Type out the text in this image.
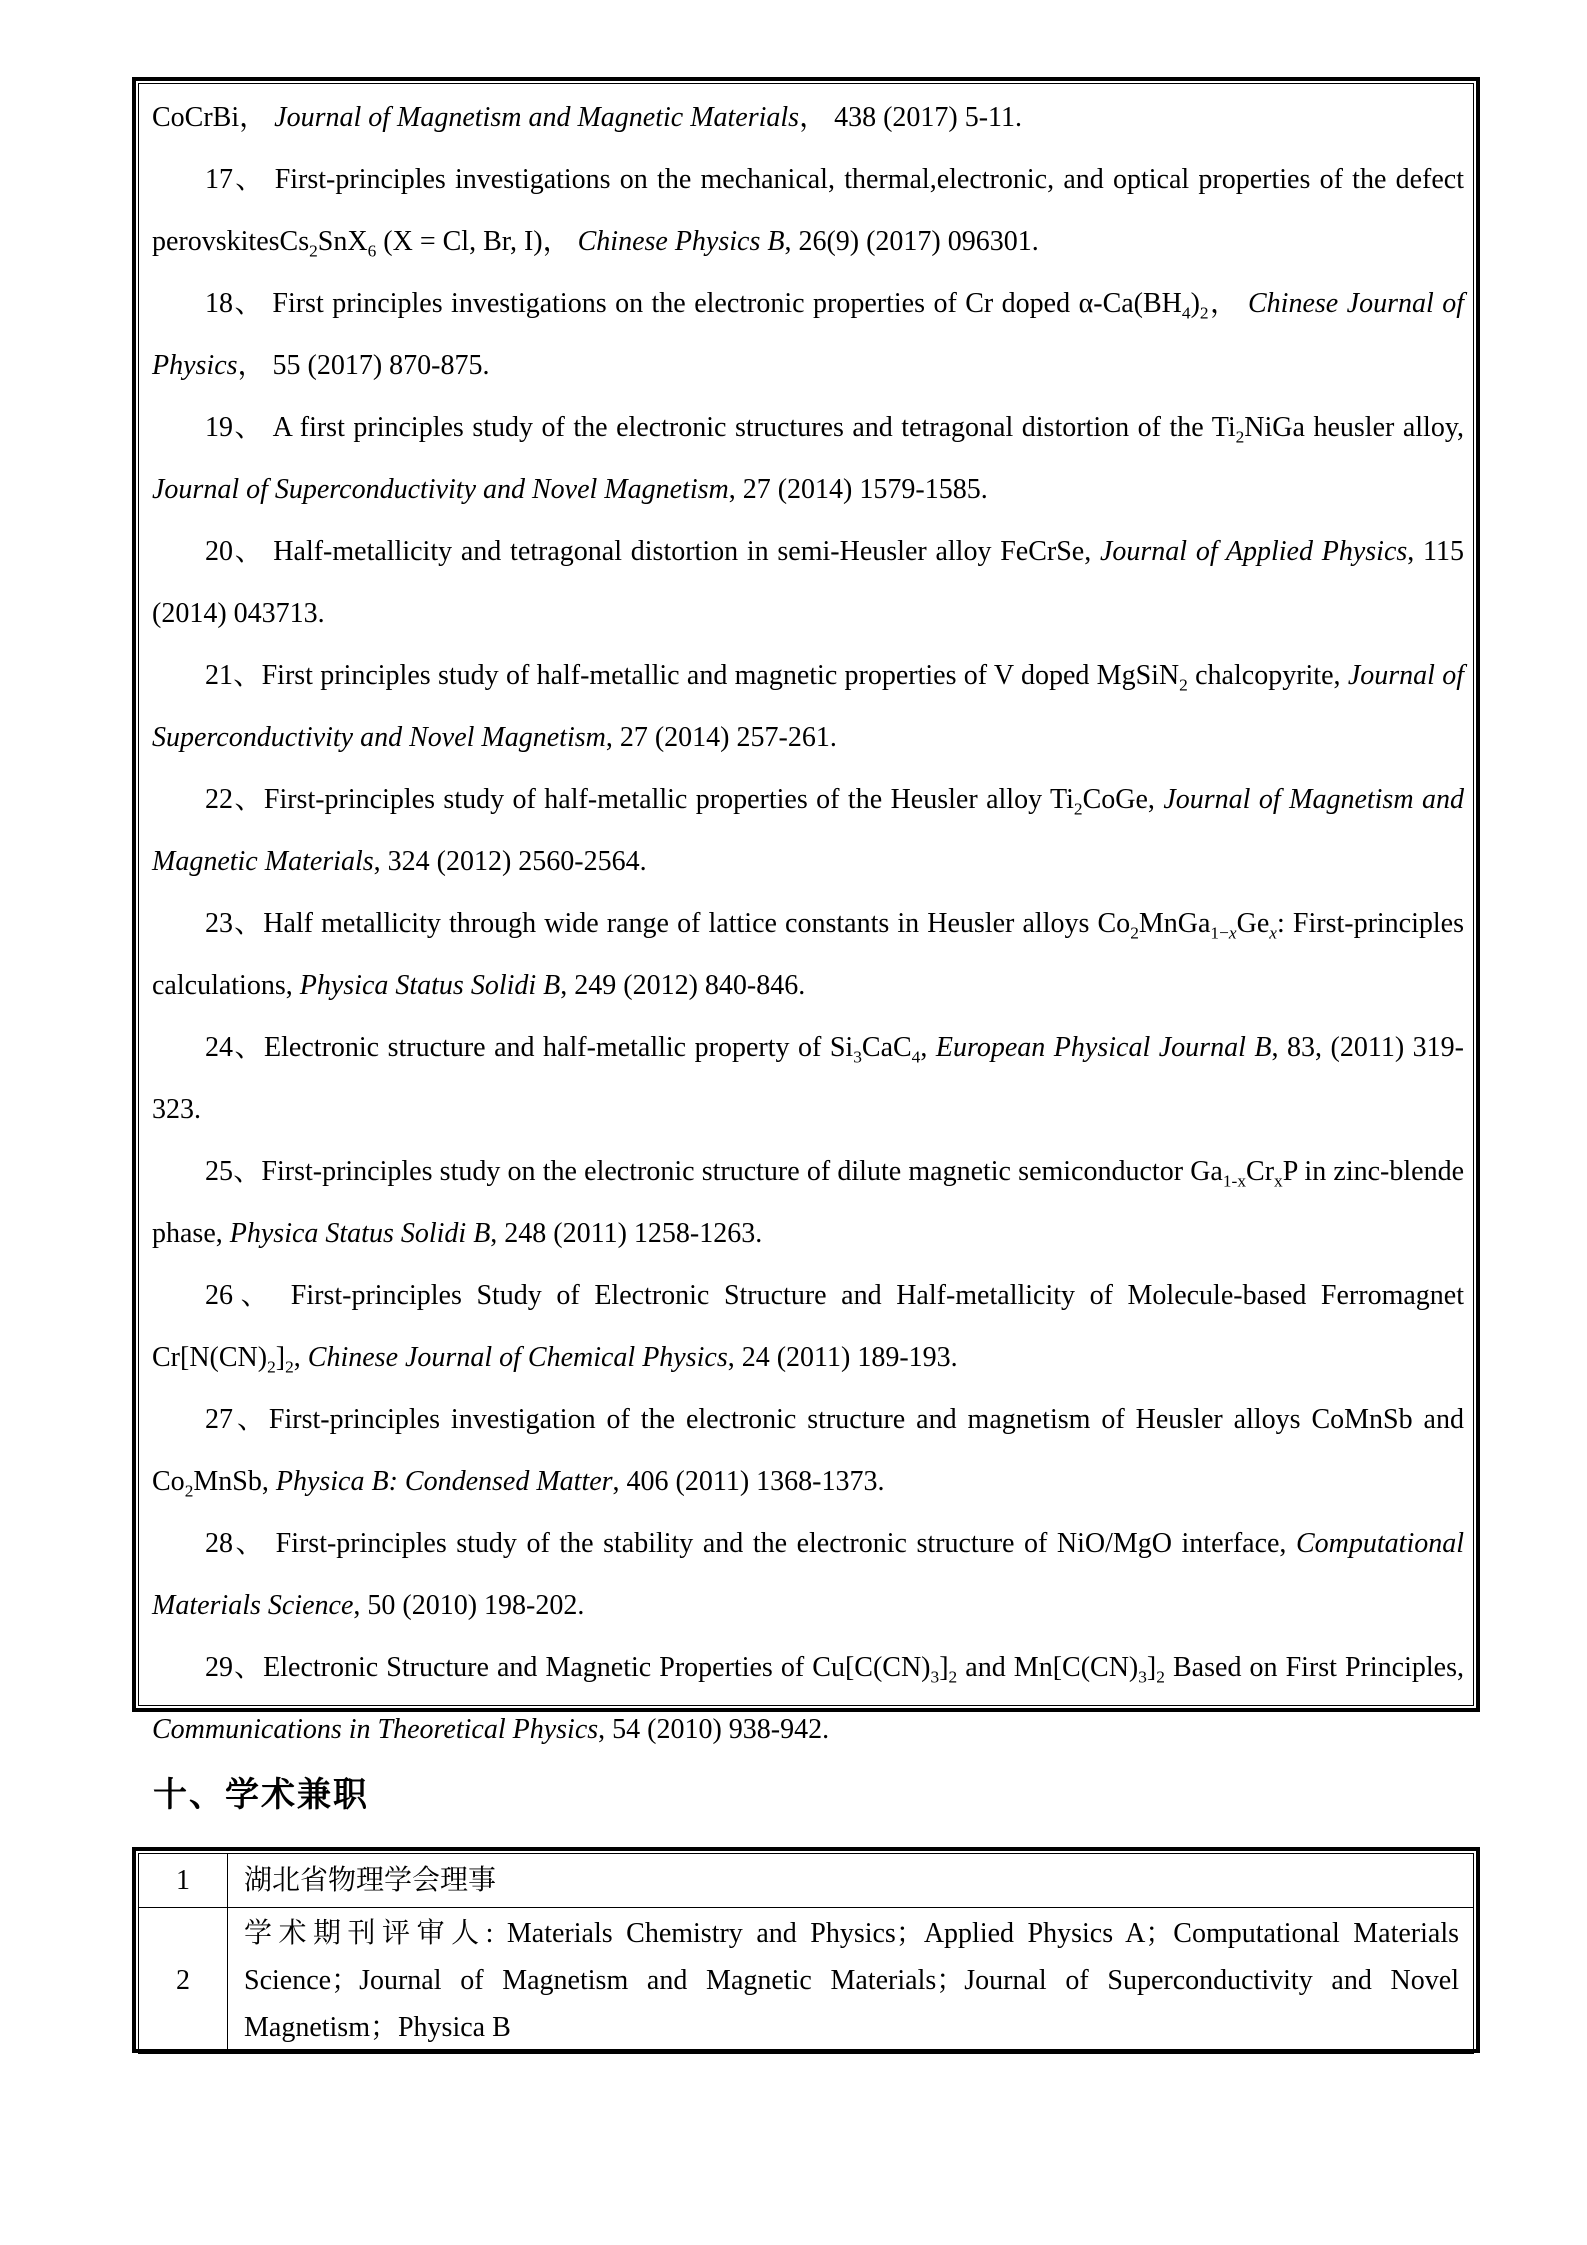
CoCrBi， Journal of Magnetism and Magnetic Materials， 438 (2017) 5-11.

17、 First-principles investigations on the mechanical, thermal,electronic, and optical properties of the defect perovskitesCs$_2$SnX$_6$ (X = Cl, Br, I)， Chinese Physics B, 26(9) (2017) 096301.

18、 First principles investigations on the electronic properties of Cr doped $\alpha-Ca(BH_4)_2$， Chinese Journal of Physics， 55 (2017) 870-875.

19、 A first principles study of the electronic structures and tetragonal distortion of the $Ti_2NiGa$ heusler alloy, Journal of Superconductivity and Novel Magnetism, 27 (2014) 1579-1585.

20、 Half-metallicity and tetragonal distortion in semi-Heusler alloy FeCrSe, Journal of Applied Physics, 115 (2014) 043713.

21、First principles study of half-metallic and magnetic properties of V doped MgSiN$_2$ chalcopyrite, Journal of Superconductivity and Novel Magnetism, 27 (2014) 257-261.

22、First-principles study of half-metallic properties of the Heusler alloy $Ti_2CoGe$, Journal of Magnetism and Magnetic Materials, 324 (2012) 2560-2564.

23、Half metallicity through wide range of lattice constants in Heusler alloys $Co_2MnGa_{1-x}Ge_x$: First-principles calculations, Physica Status Solidi B, 249 (2012) 840-846.

24、Electronic structure and half-metallic property of $Si_3CaC_4$, European Physical Journal B, 83, (2011) 319-323.

25、First-principles study on the electronic structure of dilute magnetic semiconductor $Ga_{1-x}Cr_xP$ in zinc-blende phase, Physica Status Solidi B, 248 (2011) 1258-1263.

26、 First-principles Study of Electronic Structure and Half-metallicity of Molecule-based Ferromagnet $Cr[N(CN)_2]_2$, Chinese Journal of Chemical Physics, 24 (2011) 189-193.

27、First-principles investigation of the electronic structure and magnetism of Heusler alloys CoMnSb and $Co_2MnSb$, Physica B: Condensed Matter, 406 (2011) 1368-1373.

28、 First-principles study of the stability and the electronic structure of NiO/MgO interface, Computational Materials Science, 50 (2010) 198-202.

29、Electronic Structure and Magnetic Properties of $Cu[C(CN)_3]_2$ and $Mn[C(CN)_3]_2$ Based on First Principles, Communications in Theoretical Physics, 54 (2010) 938-942.

十、学术兼职
1	湖北省物理学会理事
2	学术期刊评审人: Materials Chemistry and Physics；Applied Physics A；Computational Materials Science；Journal of Magnetism and Magnetic Materials；Journal of Superconductivity and Novel Magnetism；Physica B
